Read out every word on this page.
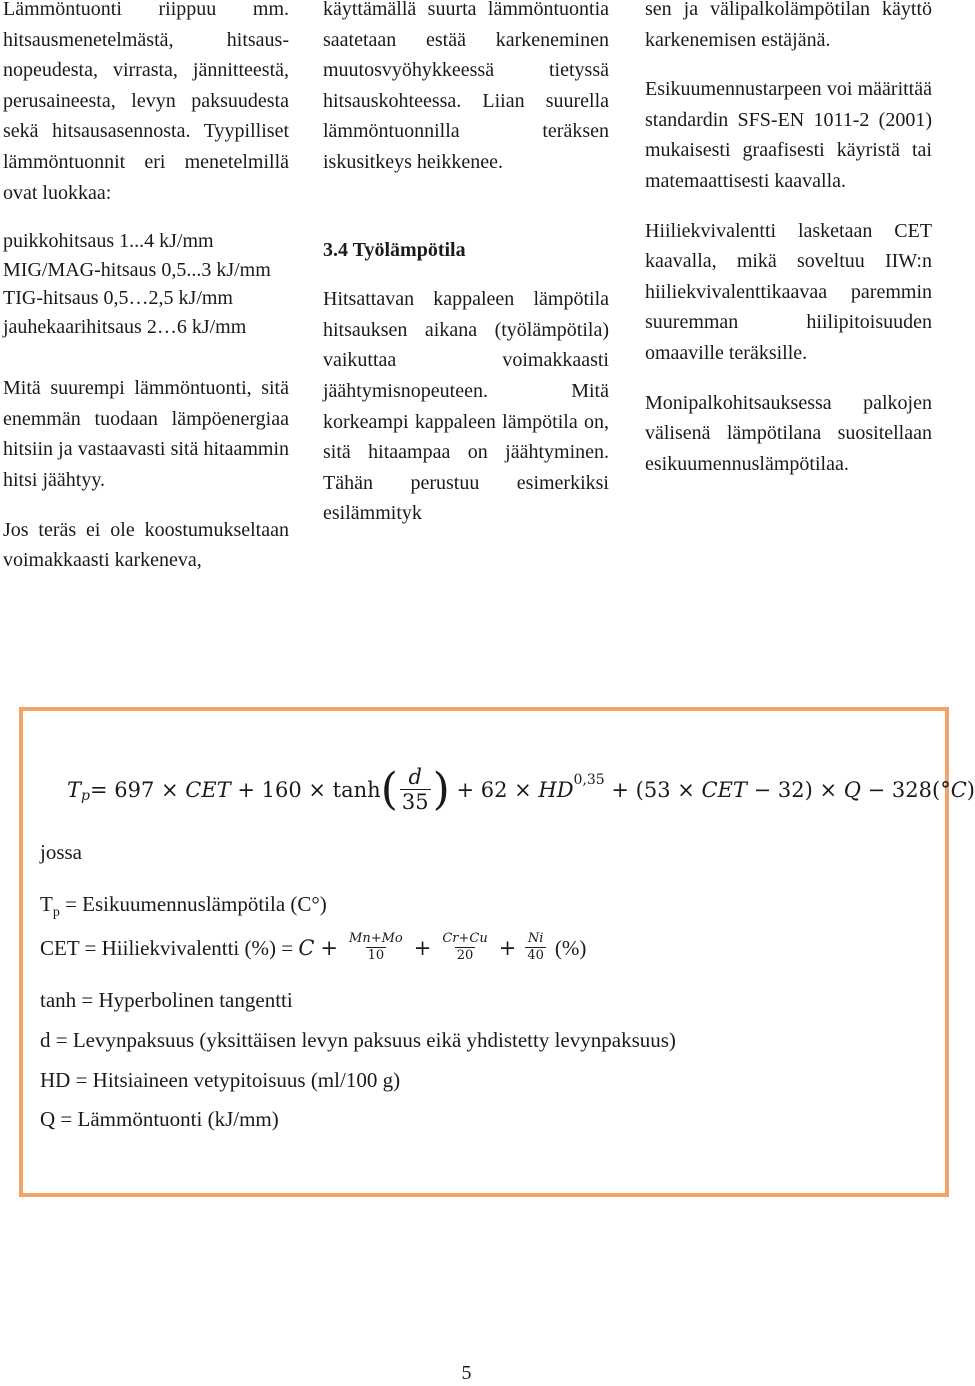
Lämmöntuonti riippuu mm. hitsausmenetelmästä, hitsausnopeudesta, virrasta, jännitteestä, perusaineesta, levyn paksuudesta sekä hitsausasennosta. Tyypilliset lämmöntuonnit eri menetelmillä ovat luokkaa:

puikkohitsaus 1...4 kJ/mm
MIG/MAG-hitsaus 0,5...3 kJ/mm
TIG-hitsaus 0,5…2,5 kJ/mm
jauhekaarihitsaus 2…6 kJ/mm

Mitä suurempi lämmöntuonti, sitä enemmän tuodaan lämpöenergiaa hitsiin ja vastaavasti sitä hitaammin hitsi jäähtyy.

Jos teräs ei ole koostumukseltaan voimakkaasti karkeneva,

käyttämällä suurta lämmöntuontia saatetaan estää karkeneminen muutosvyöhykkeessä tietyssä hitsauskohteessa. Liian suurella lämmöntuonnilla teräksen iskusitkeys heikkenee.

3.4 Työlämpötila

Hitsattavan kappaleen lämpötila hitsauksen aikana (työlämpötila) vaikuttaa voimakkaasti jäähtymisnopeuteen. Mitä korkeampi kappaleen lämpötila on, sitä hitaampaa on jäähtyminen. Tähän perustuu esimerkiksi esilämmityk

sen ja välipalkolämpötilan käyttö karkenemisen estäjänä.

Esikuumennustarpeen voi määrittää standardin SFS-EN 1011-2 (2001) mukaisesti graafisesti käyristä tai matemaattisesti kaavalla.

Hiiliekvivalentti lasketaan CET kaavalla, mikä soveltuu IIW:n hiiliekvivalenttikaavaa paremmin suuremman hiilipitoisuuden omaaville teräksille.

Monipalkohitsauksessa palkojen välisenä lämpötilana suositellaan esikuumennuslämpötilaa.

T p = 697 × CET + 160 × tanh ( $\frac{d}{35}$ ) + 62 × HD 0,35 + (53 × CET − 32) × Q − 328(° C )
jossa
$T_p$ = Esikuumennuslämpötila (C°)
CET = Hiiliekvivalentti (%) = $C + \frac{Mn+Mo}{10} + \frac{Cr+Cu}{20} + \frac{Ni}{40}$ (%)
tanh = Hyperbolinen tangentti
d = Levynpaksuus (yksittäisen levyn paksuus eikä yhdistetty levynpaksuus)
HD = Hitsiaineen vetypitoisuus (ml/100 g)
Q = Lämmöntuonti (kJ/mm)
5
